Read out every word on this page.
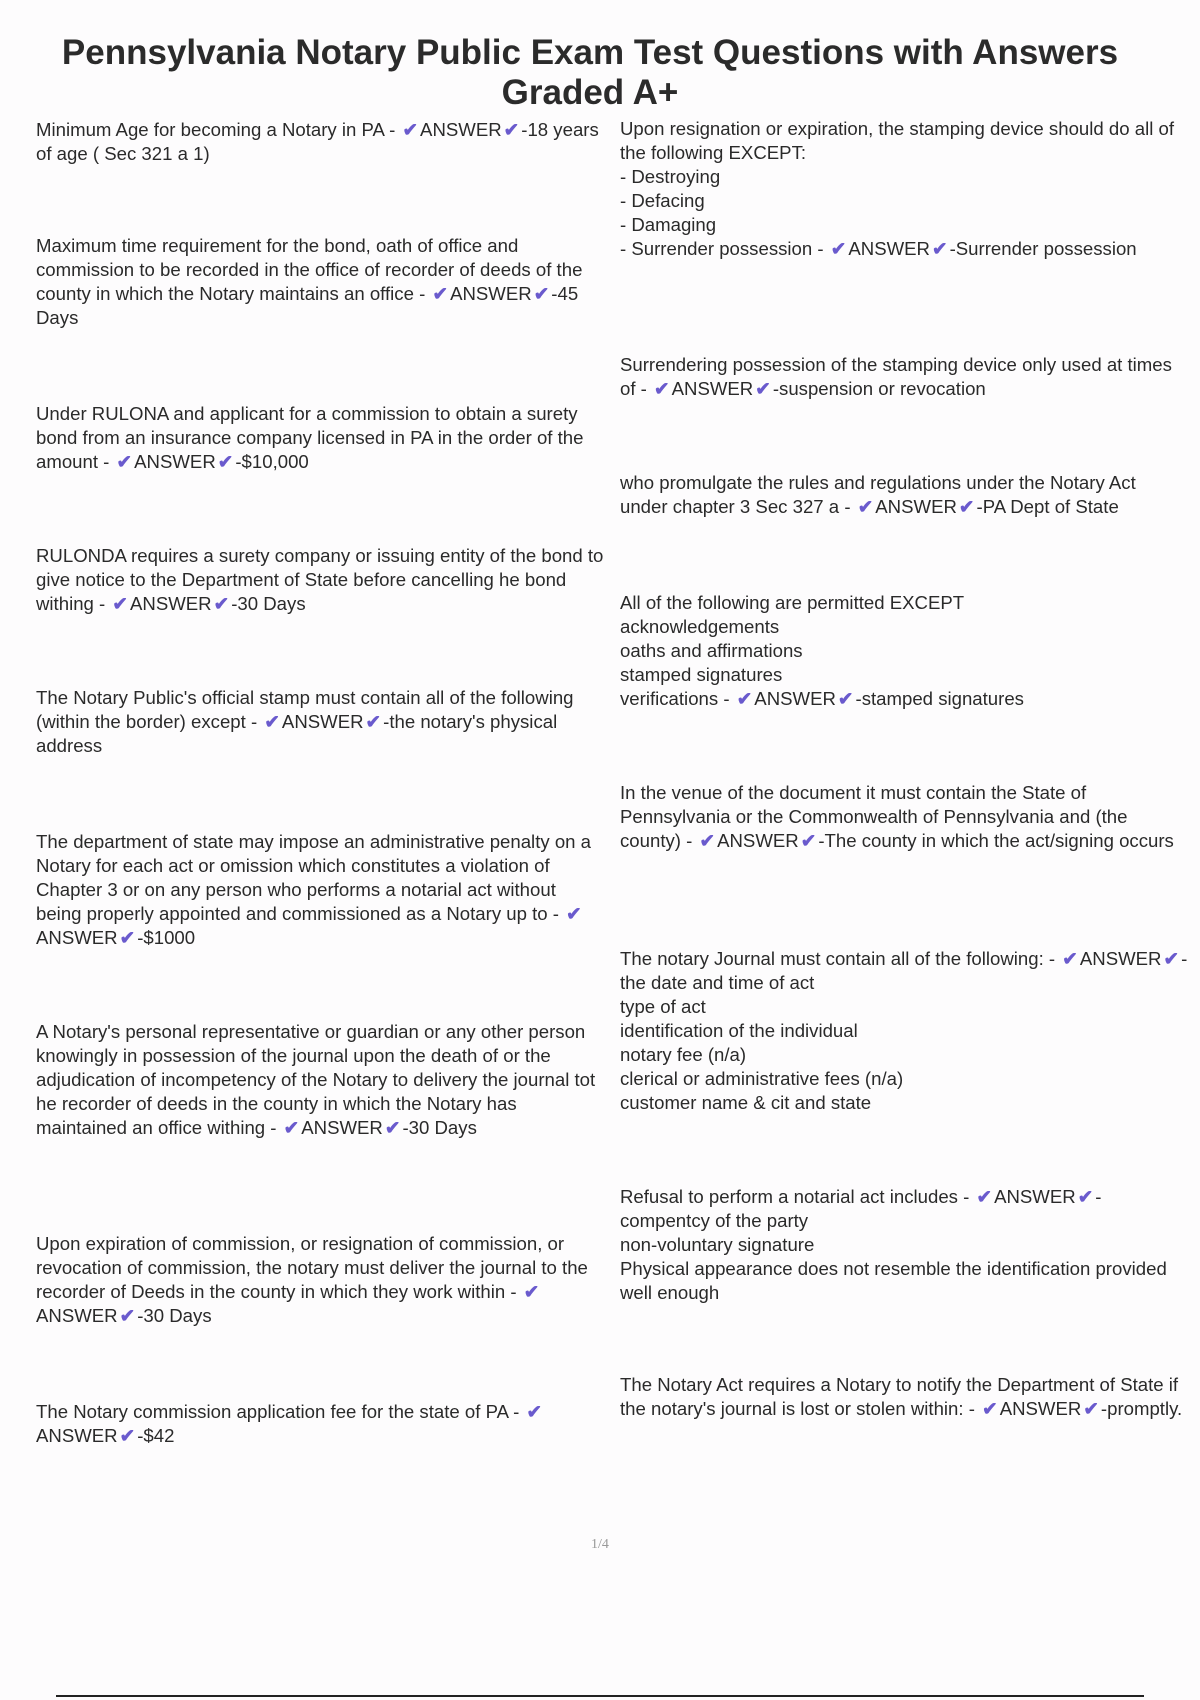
Pennsylvania Notary Public Exam Test Questions with Answers Graded A+
Minimum Age for becoming a Notary in PA - ✔ ANSWER ✔ -18 years of age ( Sec 321 a 1)
Maximum time requirement for the bond, oath of office and commission to be recorded in the office of recorder of deeds of the county in which the Notary maintains an office - ✔ ANSWER ✔ -45 Days
Under RULONA and applicant for a commission to obtain a surety bond from an insurance company licensed in PA in the order of the amount - ✔ ANSWER ✔ -$10,000
RULONDA requires a surety company or issuing entity of the bond to give notice to the Department of State before cancelling he bond withing - ✔ ANSWER ✔ -30 Days
The Notary Public's official stamp must contain all of the following (within the border) except - ✔ ANSWER ✔ -the notary's physical address
The department of state may impose an administrative penalty on a Notary for each act or omission which constitutes a violation of Chapter 3 or on any person who performs a notarial act without being properly appointed and commissioned as a Notary up to - ✔ANSWER ✔ -$1000
A Notary's personal representative or guardian or any other person knowingly in possession of the journal upon the death of or the adjudication of incompetency of the Notary to delivery the journal tot he recorder of deeds in the county in which the Notary has maintained an office withing - ✔ ANSWER ✔ -30 Days
Upon expiration of commission, or resignation of commission, or revocation of commission, the notary must deliver the journal to the recorder of Deeds in the county in which they work within - ✔ANSWER ✔ -30 Days
The Notary commission application fee for the state of PA - ✔ANSWER ✔ -$42
Upon resignation or expiration, the stamping device should do all of the following EXCEPT:
- Destroying
- Defacing
- Damaging
- Surrender possession - ✔ ANSWER ✔ -Surrender possession
Surrendering possession of the stamping device only used at times of - ✔ ANSWER ✔ -suspension or revocation
who promulgate the rules and regulations under the Notary Act under chapter 3 Sec 327 a - ✔ ANSWER ✔ -PA Dept of State
All of the following are permitted EXCEPT
acknowledgements
oaths and affirmations
stamped signatures
verifications - ✔ ANSWER ✔ -stamped signatures
In the venue of the document it must contain the State of Pennsylvania or the Commonwealth of Pennsylvania and (the county) - ✔ ANSWER ✔ -The county in which the act/signing occurs
The notary Journal must contain all of the following: - ✔ ANSWER ✔ -the date and time of act
type of act
identification of the individual
notary fee (n/a)
clerical or administrative fees (n/a)
customer name & cit and state
Refusal to perform a notarial act includes - ✔ ANSWER ✔ -compentcy of the party
non-voluntary signature
Physical appearance does not resemble the identification provided well enough
The Notary Act requires a Notary to notify the Department of State if the notary's journal is lost or stolen within: - ✔ ANSWER ✔ -promptly.
1/4
